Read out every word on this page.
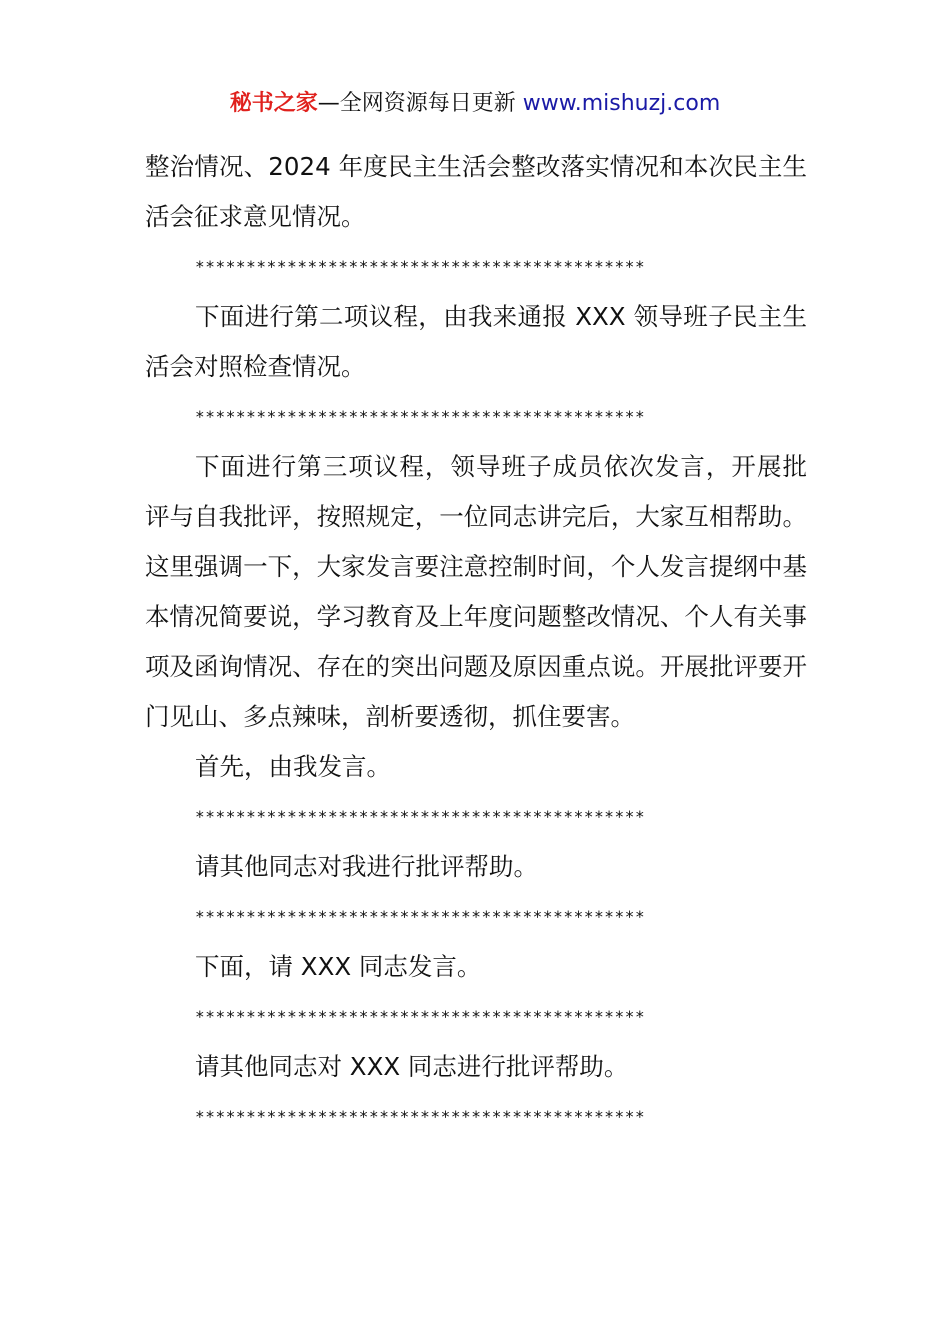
秘书之家—全网资源每日更新 www.mishuzj.com

整治情况、2024 年度民主生活会整改落实情况和本次民主生活会征求意见情况。

********************************************

下面进行第二项议程，由我来通报 XXX 领导班子民主生活会对照检查情况。

********************************************

下面进行第三项议程，领导班子成员依次发言，开展批评与自我批评，按照规定，一位同志讲完后，大家互相帮助。这里强调一下，大家发言要注意控制时间，个人发言提纲中基本情况简要说，学习教育及上年度问题整改情况、个人有关事项及函询情况、存在的突出问题及原因重点说。开展批评要开门见山、多点辣味，剖析要透彻，抓住要害。

首先，由我发言。

********************************************

请其他同志对我进行批评帮助。

********************************************

下面，请 XXX 同志发言。

********************************************

请其他同志对 XXX 同志进行批评帮助。

********************************************
